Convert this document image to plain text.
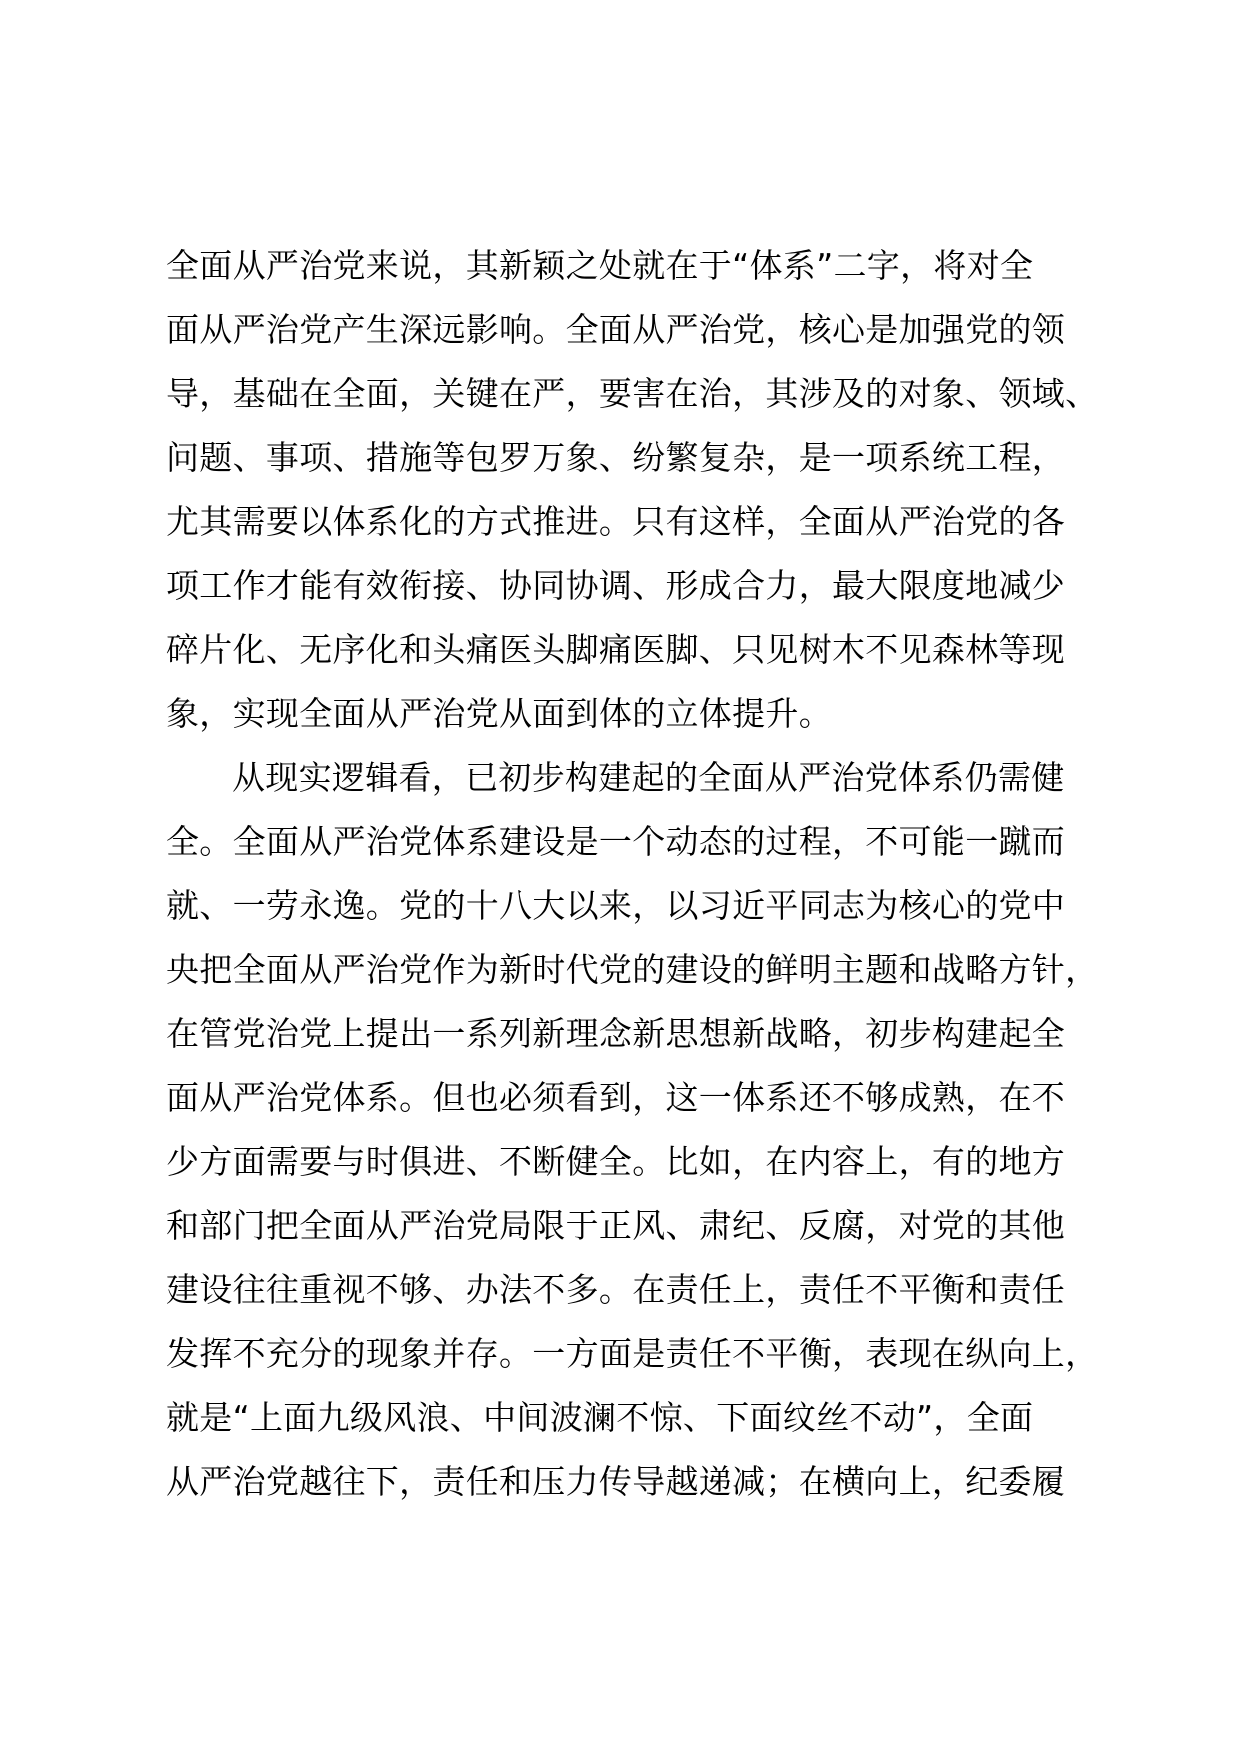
全面从严治党来说，其新颖之处就在于“体系”二字，将对全
面从严治党产生深远影响。全面从严治党，核心是加强党的领
导，基础在全面，关键在严，要害在治，其涉及的对象、领域、
问题、事项、措施等包罗万象、纷繁复杂，是一项系统工程，
尤其需要以体系化的方式推进。只有这样，全面从严治党的各
项工作才能有效衔接、协同协调、形成合力，最大限度地减少
碎片化、无序化和头痛医头脚痛医脚、只见树木不见森林等现
象，实现全面从严治党从面到体的立体提升。
从现实逻辑看，已初步构建起的全面从严治党体系仍需健
全。全面从严治党体系建设是一个动态的过程，不可能一蹴而
就、一劳永逸。党的十八大以来，以习近平同志为核心的党中
央把全面从严治党作为新时代党的建设的鲜明主题和战略方针，
在管党治党上提出一系列新理念新思想新战略，初步构建起全
面从严治党体系。但也必须看到，这一体系还不够成熟，在不
少方面需要与时俱进、不断健全。比如，在内容上，有的地方
和部门把全面从严治党局限于正风、肃纪、反腐，对党的其他
建设往往重视不够、办法不多。在责任上，责任不平衡和责任
发挥不充分的现象并存。一方面是责任不平衡，表现在纵向上，
就是“上面九级风浪、中间波澜不惊、下面纹丝不动”，全面
从严治党越往下，责任和压力传导越递减；在横向上，纪委履
